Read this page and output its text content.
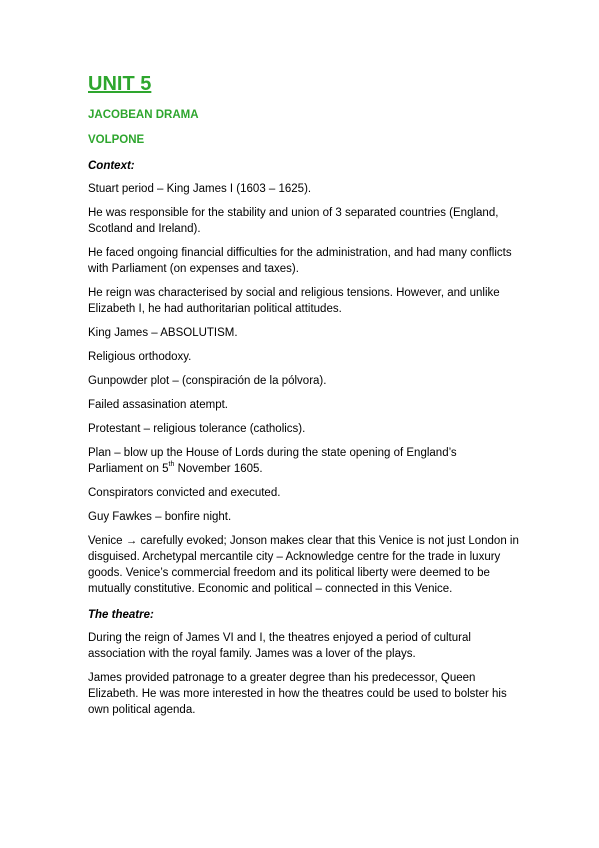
UNIT 5

JACOBEAN DRAMA

VOLPONE

Context:

Stuart period – King James I (1603 – 1625).

He was responsible for the stability and union of 3 separated countries (England, Scotland and Ireland).

He faced ongoing financial difficulties for the administration, and had many conflicts with Parliament (on expenses and taxes).

He reign was characterised by social and religious tensions. However, and unlike Elizabeth I, he had authoritarian political attitudes.

King James – ABSOLUTISM.

Religious orthodoxy.

Gunpowder plot – (conspiración de la pólvora).

Failed assasination atempt.

Protestant – religious tolerance (catholics).

Plan – blow up the House of Lords during the state opening of England’s
Parliament on 5th November 1605.

Conspirators convicted and executed.

Guy Fawkes – bonfire night.

Venice → carefully evoked; Jonson makes clear that this Venice is not just London in disguised. Archetypal mercantile city – Acknowledge centre for the trade in luxury goods. Venice’s commercial freedom and its political liberty were deemed to be mutually constitutive. Economic and political – connected in this Venice.

The theatre:

During the reign of James VI and I, the theatres enjoyed a period of cultural association with the royal family. James was a lover of the plays.

James provided patronage to a greater degree than his predecessor, Queen Elizabeth. He was more interested in how the theatres could be used to bolster his own political agenda.
